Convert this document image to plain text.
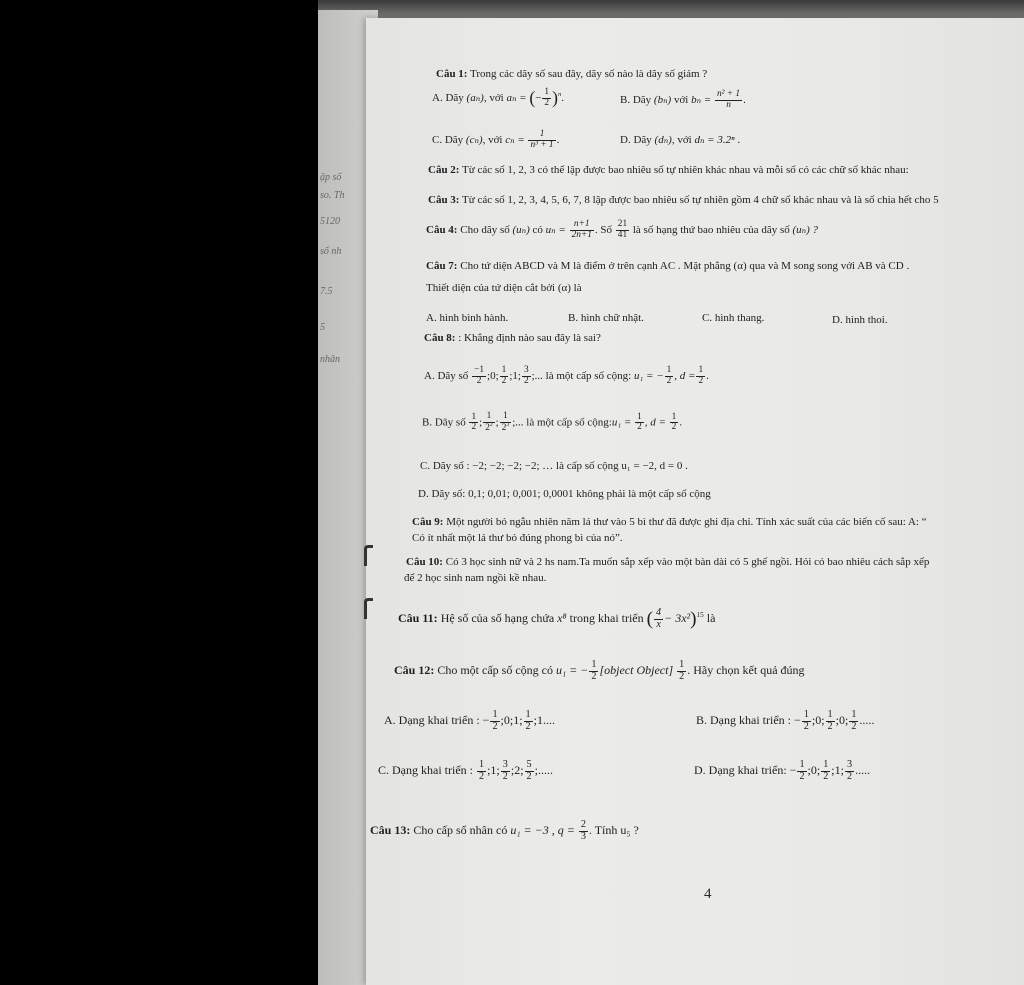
ập số
so. Th
5120
số nh
7.5
5
nhân
Câu 1: Trong các dãy số sau đây, dãy số nào là dãy số giảm ?
A. Dãy (aₙ), với aₙ = (− $\frac{1}{2} )^n$.	B. Dãy (bₙ) với $b_n = \frac{\text{n² + 1}}{n}$ .
C. Dãy (cₙ), với $c_n = \frac{1}{\text{n³ + 1}}$ .	D. Dãy (dₙ), với dₙ = 3.2ⁿ .
Câu 2: Từ các số 1, 2, 3 có thể lập được bao nhiêu số tự nhiên khác nhau và mỗi số có các chữ số khác nhau:
Câu 3: Từ các số 1, 2, 3, 4, 5, 6, 7, 8 lập được bao nhiêu số tự nhiên gồm 4 chữ số khác nhau và là số chia hết cho 5
Câu 4: Cho dãy số (uₙ) có $u_n = \frac{n+1}{2n+1}$ . Số $\frac{21}{41}$ là số hạng thứ bao nhiêu của dãy số (uₙ) ?
Câu 7: Cho tứ diện ABCD và M là điểm ở trên cạnh AC . Mặt phẳng (α) qua và M song song với AB và CD .
Thiết diện của tứ diện cắt bởi (α) là
A. hình bình hành.	B. hình chữ nhật.	C. hình thang.	D. hình thoi.
Câu 8: : Khẳng định nào sau đây là sai?
A. Dãy số $\frac{-1}{2}$ ;0; $\frac{1}{2}$ ;1; $\frac{3}{2}$ ;... là một cấp số cộng: u₁ = − $\frac{1}{2}$ , $d = \frac{1}{2}$ .
B. Dãy số $\frac{1}{2}$ ; $\frac{1}{2^2}$ ; $\frac{1}{2^3}$ ;... là một cấp số cộng:u₁ = $\frac{1}{2}$ , $d = \frac{1}{2}$ .
C. Dãy số : −2; −2; −2; −2; … là cấp số cộng u₁ = −2, d = 0 .
D. Dãy số: 0,1; 0,01; 0,001; 0,0001 không phải là một cấp số cộng
Câu 9: Một người bỏ ngẫu nhiên năm lá thư vào 5 bì thư đã được ghi địa chỉ. Tính xác suất của các biến cố sau: A: “
Có ít nhất một lá thư bỏ đúng phong bì của nó”.
Câu 10: Có 3 học sinh nữ và 2 hs nam.Ta muốn sắp xếp vào một bàn dài có 5 ghế ngồi. Hỏi có bao nhiêu cách sắp xếp
để 2 học sinh nam ngồi kề nhau.
Câu 11: Hệ số của số hạng chứa x⁸ trong khai triển ( $\frac{4}{x} - 3x^2)^{15}$ là
Câu 12: Cho một cấp số cộng có u₁ = − $\frac{1}{2}$ [object Object] $\frac{1}{2}$ . Hãy chọn kết quả đúng
A. Dạng khai triển : − $\frac{1}{2}$ ;0;1; $\frac{1}{2}$ ;1....	B. Dạng khai triển : − $\frac{1}{2}$ ;0; $\frac{1}{2}$ ;0; $\frac{1}{2}$ .....
C. Dạng khai triển : $\frac{1}{2}$ ;1; $\frac{3}{2}$ ;2; $\frac{5}{2}$ ;.....	D. Dạng khai triển: − $\frac{1}{2}$ ;0; $\frac{1}{2}$ ;1; $\frac{3}{2}$ .....
Câu 13: Cho cấp số nhân có u₁ = −3 , $q = \frac{2}{3}$ . Tính u₅ ?
4
